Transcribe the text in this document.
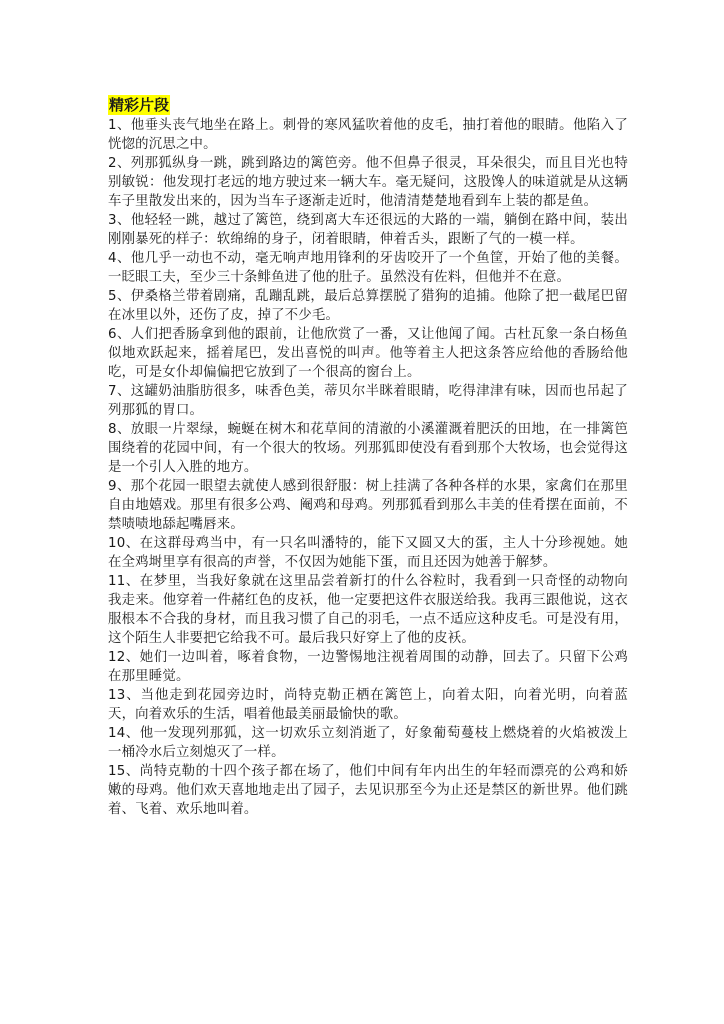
精彩片段

1、他垂头丧气地坐在路上。刺骨的寒风猛吹着他的皮毛，抽打着他的眼睛。他陷入了恍惚的沉思之中。

2、列那狐纵身一跳，跳到路边的篱笆旁。他不但鼻子很灵，耳朵很尖，而且目光也特别敏锐：他发现打老远的地方驶过来一辆大车。毫无疑问，这股馋人的味道就是从这辆车子里散发出来的，因为当车子逐渐走近时，他清清楚楚地看到车上装的都是鱼。

3、他轻轻一跳，越过了篱笆，绕到离大车还很远的大路的一端，躺倒在路中间，装出刚刚暴死的样子：软绵绵的身子，闭着眼睛，伸着舌头，跟断了气的一模一样。

4、他几乎一动也不动，毫无响声地用锋利的牙齿咬开了一个鱼筐，开始了他的美餐。一眨眼工夫，至少三十条鲱鱼进了他的肚子。虽然没有佐料，但他并不在意。

5、伊桑格兰带着剧痛，乱蹦乱跳，最后总算摆脱了猎狗的追捕。他除了把一截尾巴留在冰里以外，还伤了皮，掉了不少毛。

6、人们把香肠拿到他的跟前，让他欣赏了一番，又让他闻了闻。古杜瓦象一条白杨鱼似地欢跃起来，摇着尾巴，发出喜悦的叫声。他等着主人把这条答应给他的香肠给他吃，可是女仆却偏偏把它放到了一个很高的窗台上。

7、这罐奶油脂肪很多，味香色美，蒂贝尔半眯着眼睛，吃得津津有味，因而也吊起了列那狐的胃口。

8、放眼一片翠绿，蜿蜒在树木和花草间的清澈的小溪灌溉着肥沃的田地，在一排篱笆围绕着的花园中间，有一个很大的牧场。列那狐即使没有看到那个大牧场，也会觉得这是一个引人入胜的地方。

9、那个花园一眼望去就使人感到很舒服：树上挂满了各种各样的水果，家禽们在那里自由地嬉戏。那里有很多公鸡、阉鸡和母鸡。列那狐看到那么丰美的佳肴摆在面前，不禁啧啧地舔起嘴唇来。

10、在这群母鸡当中，有一只名叫潘特的，能下又圆又大的蛋，主人十分珍视她。她在全鸡埘里享有很高的声誉，不仅因为她能下蛋，而且还因为她善于解梦。

11、在梦里，当我好象就在这里品尝着新打的什么谷粒时，我看到一只奇怪的动物向我走来。他穿着一件赭红色的皮袄，他一定要把这件衣服送给我。我再三跟他说，这衣服根本不合我的身材，而且我习惯了自己的羽毛，一点不适应这种皮毛。可是没有用，这个陌生人非要把它给我不可。最后我只好穿上了他的皮袄。

12、她们一边叫着，啄着食物，一边警惕地注视着周围的动静，回去了。只留下公鸡在那里睡觉。

13、当他走到花园旁边时，尚特克勒正栖在篱笆上，向着太阳，向着光明，向着蓝天，向着欢乐的生活，唱着他最美丽最愉快的歌。

14、他一发现列那狐，这一切欢乐立刻消逝了，好象葡萄蔓枝上燃烧着的火焰被泼上一桶冷水后立刻熄灭了一样。

15、尚特克勒的十四个孩子都在场了，他们中间有年内出生的年轻而漂亮的公鸡和娇嫩的母鸡。他们欢天喜地地走出了园子，去见识那至今为止还是禁区的新世界。他们跳着、飞着、欢乐地叫着。
